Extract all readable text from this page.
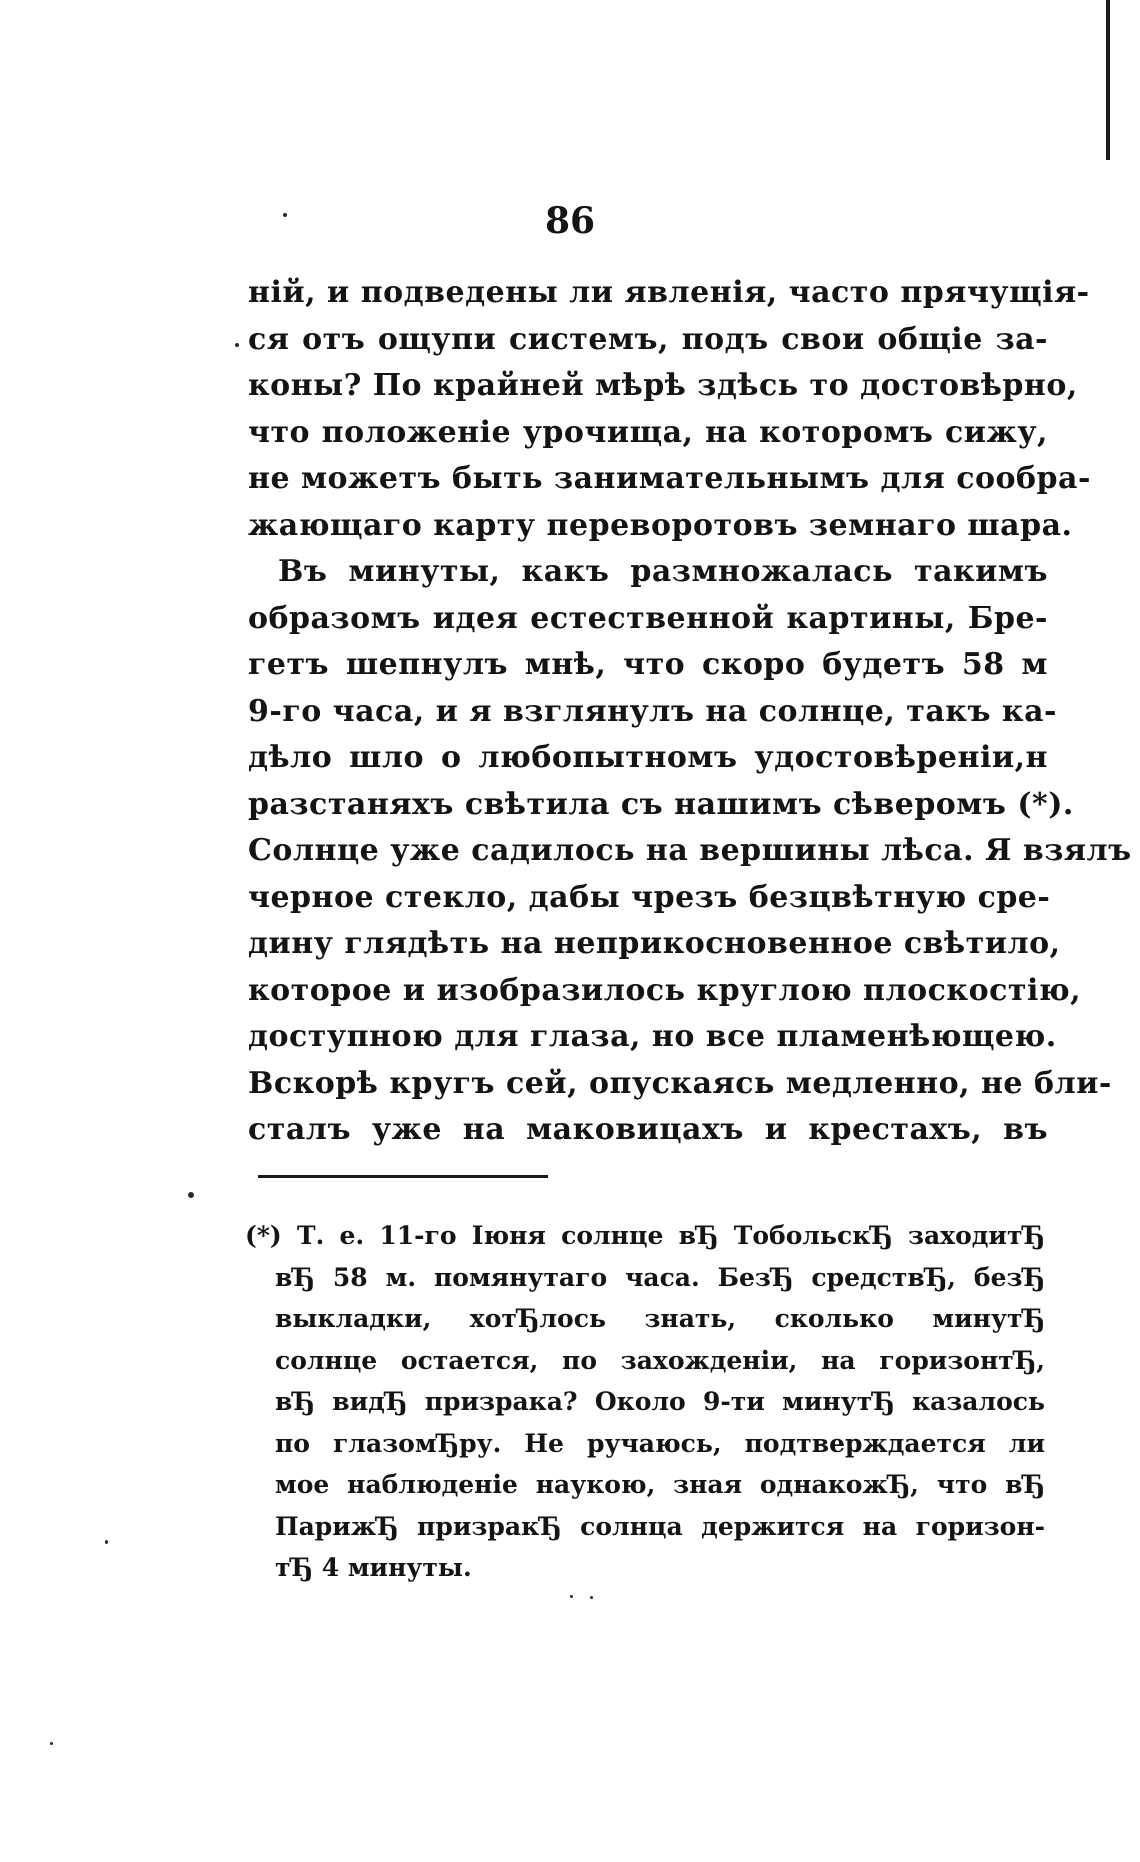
86
ній, и подведены ли явленія, часто прячущія-
ся отъ ощупи системъ, подъ свои общіе за-
коны? По крайней мѣрѣ здѣсь то достовѣрно,
что положеніе урочища, на которомъ сижу,
не можетъ быть занимательнымъ для сообра-
жающаго карту переворотовъ земнаго шара.
Въ минуты, какъ размножалась такимъ
образомъ идея естественной картины, Бре-
гетъ шепнулъ мнѣ, что скоро будетъ 58 м
9-го часа, и я взглянулъ на солнце, такъ ка-
дѣло шло о любопытномъ удостовѣреніи,н
разстаняхъ свѣтила съ нашимъ сѣверомъ (*).
Солнце уже садилось на вершины лѣса. Я взялъ
черное стекло, дабы чрезъ безцвѣтную сре-
дину глядѣть на неприкосновенное свѣтило,
которое и изобразилось круглою плоскостію,
доступною для глаза, но все пламенѣющею.
Вскорѣ кругъ сей, опускаясь медленно, не бли-
сталъ уже на маковицахъ и крестахъ, въ
(*) Т. е. 11-го Іюня солнце вЂ ТобольскЂ заходитЂ
вЂ 58 м. помянутаго часа. БезЂ средствЂ, безЂ
выкладки, хотЂлось знать, сколько минутЂ
солнце остается, по захожденіи, на горизонтЂ,
вЂ видЂ призрака? Около 9-ти минутЂ казалось
по глазомЂру. Не ручаюсь, подтверждается ли
мое наблюденіе наукою, зная однакожЂ, что вЂ
ПарижЂ призракЂ солнца держится на горизон-
тЂ 4 минуты.
